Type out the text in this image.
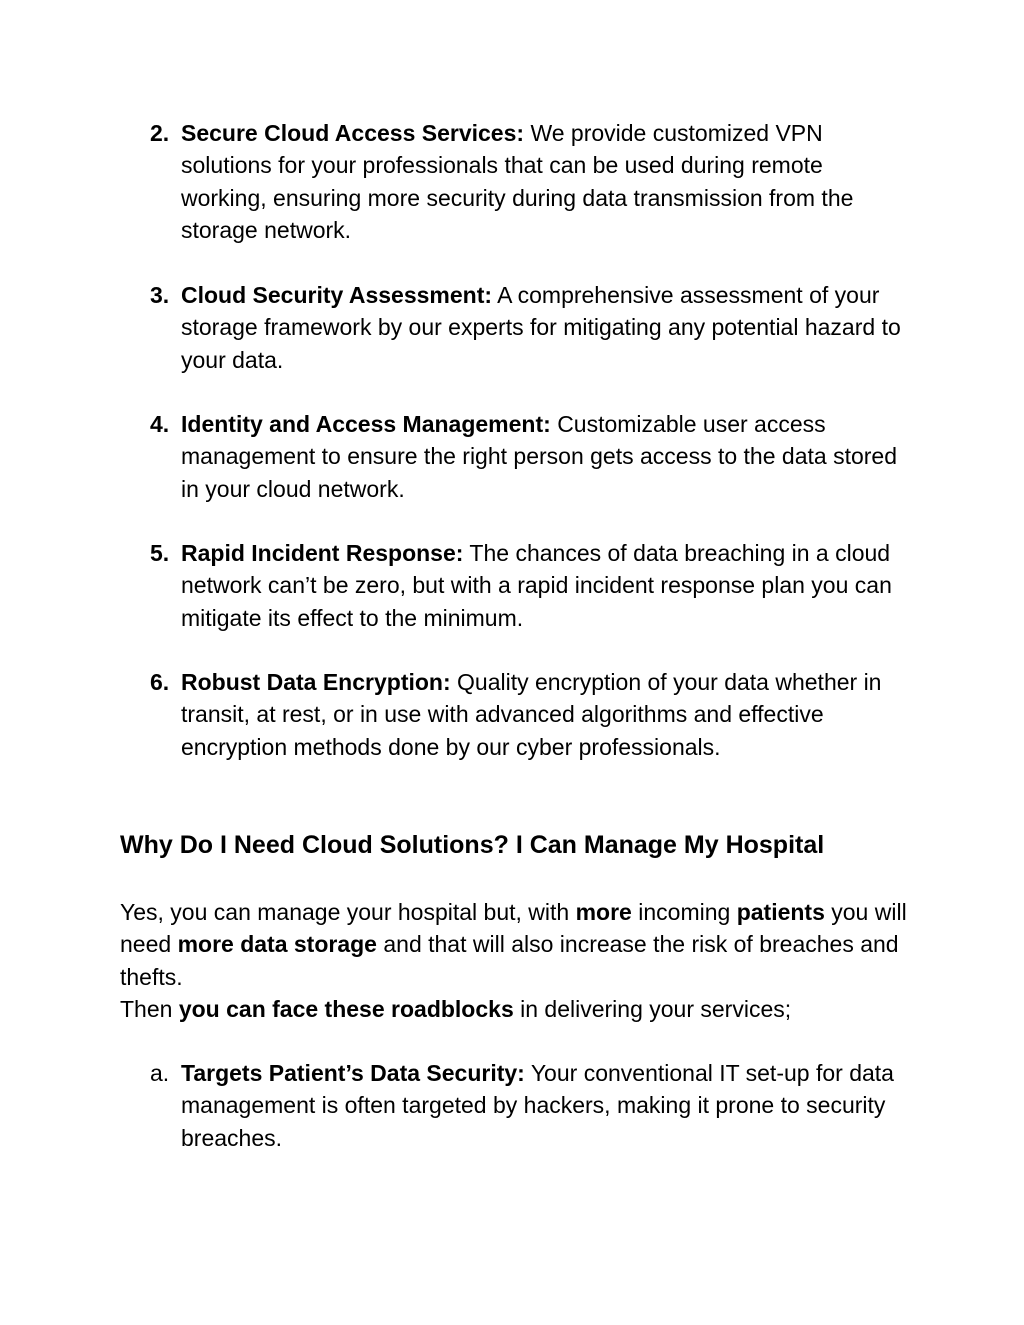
2. Secure Cloud Access Services: We provide customized VPN solutions for your professionals that can be used during remote working, ensuring more security during data transmission from the storage network.
3. Cloud Security Assessment: A comprehensive assessment of your storage framework by our experts for mitigating any potential hazard to your data.
4. Identity and Access Management: Customizable user access management to ensure the right person gets access to the data stored in your cloud network.
5. Rapid Incident Response: The chances of data breaching in a cloud network can’t be zero, but with a rapid incident response plan you can mitigate its effect to the minimum.
6. Robust Data Encryption: Quality encryption of your data whether in transit, at rest, or in use with advanced algorithms and effective encryption methods done by our cyber professionals.
Why Do I Need Cloud Solutions? I Can Manage My Hospital
Yes, you can manage your hospital but, with more incoming patients you will need more data storage and that will also increase the risk of breaches and thefts.
Then you can face these roadblocks in delivering your services;
a. Targets Patient’s Data Security: Your conventional IT set-up for data management is often targeted by hackers, making it prone to security breaches.
